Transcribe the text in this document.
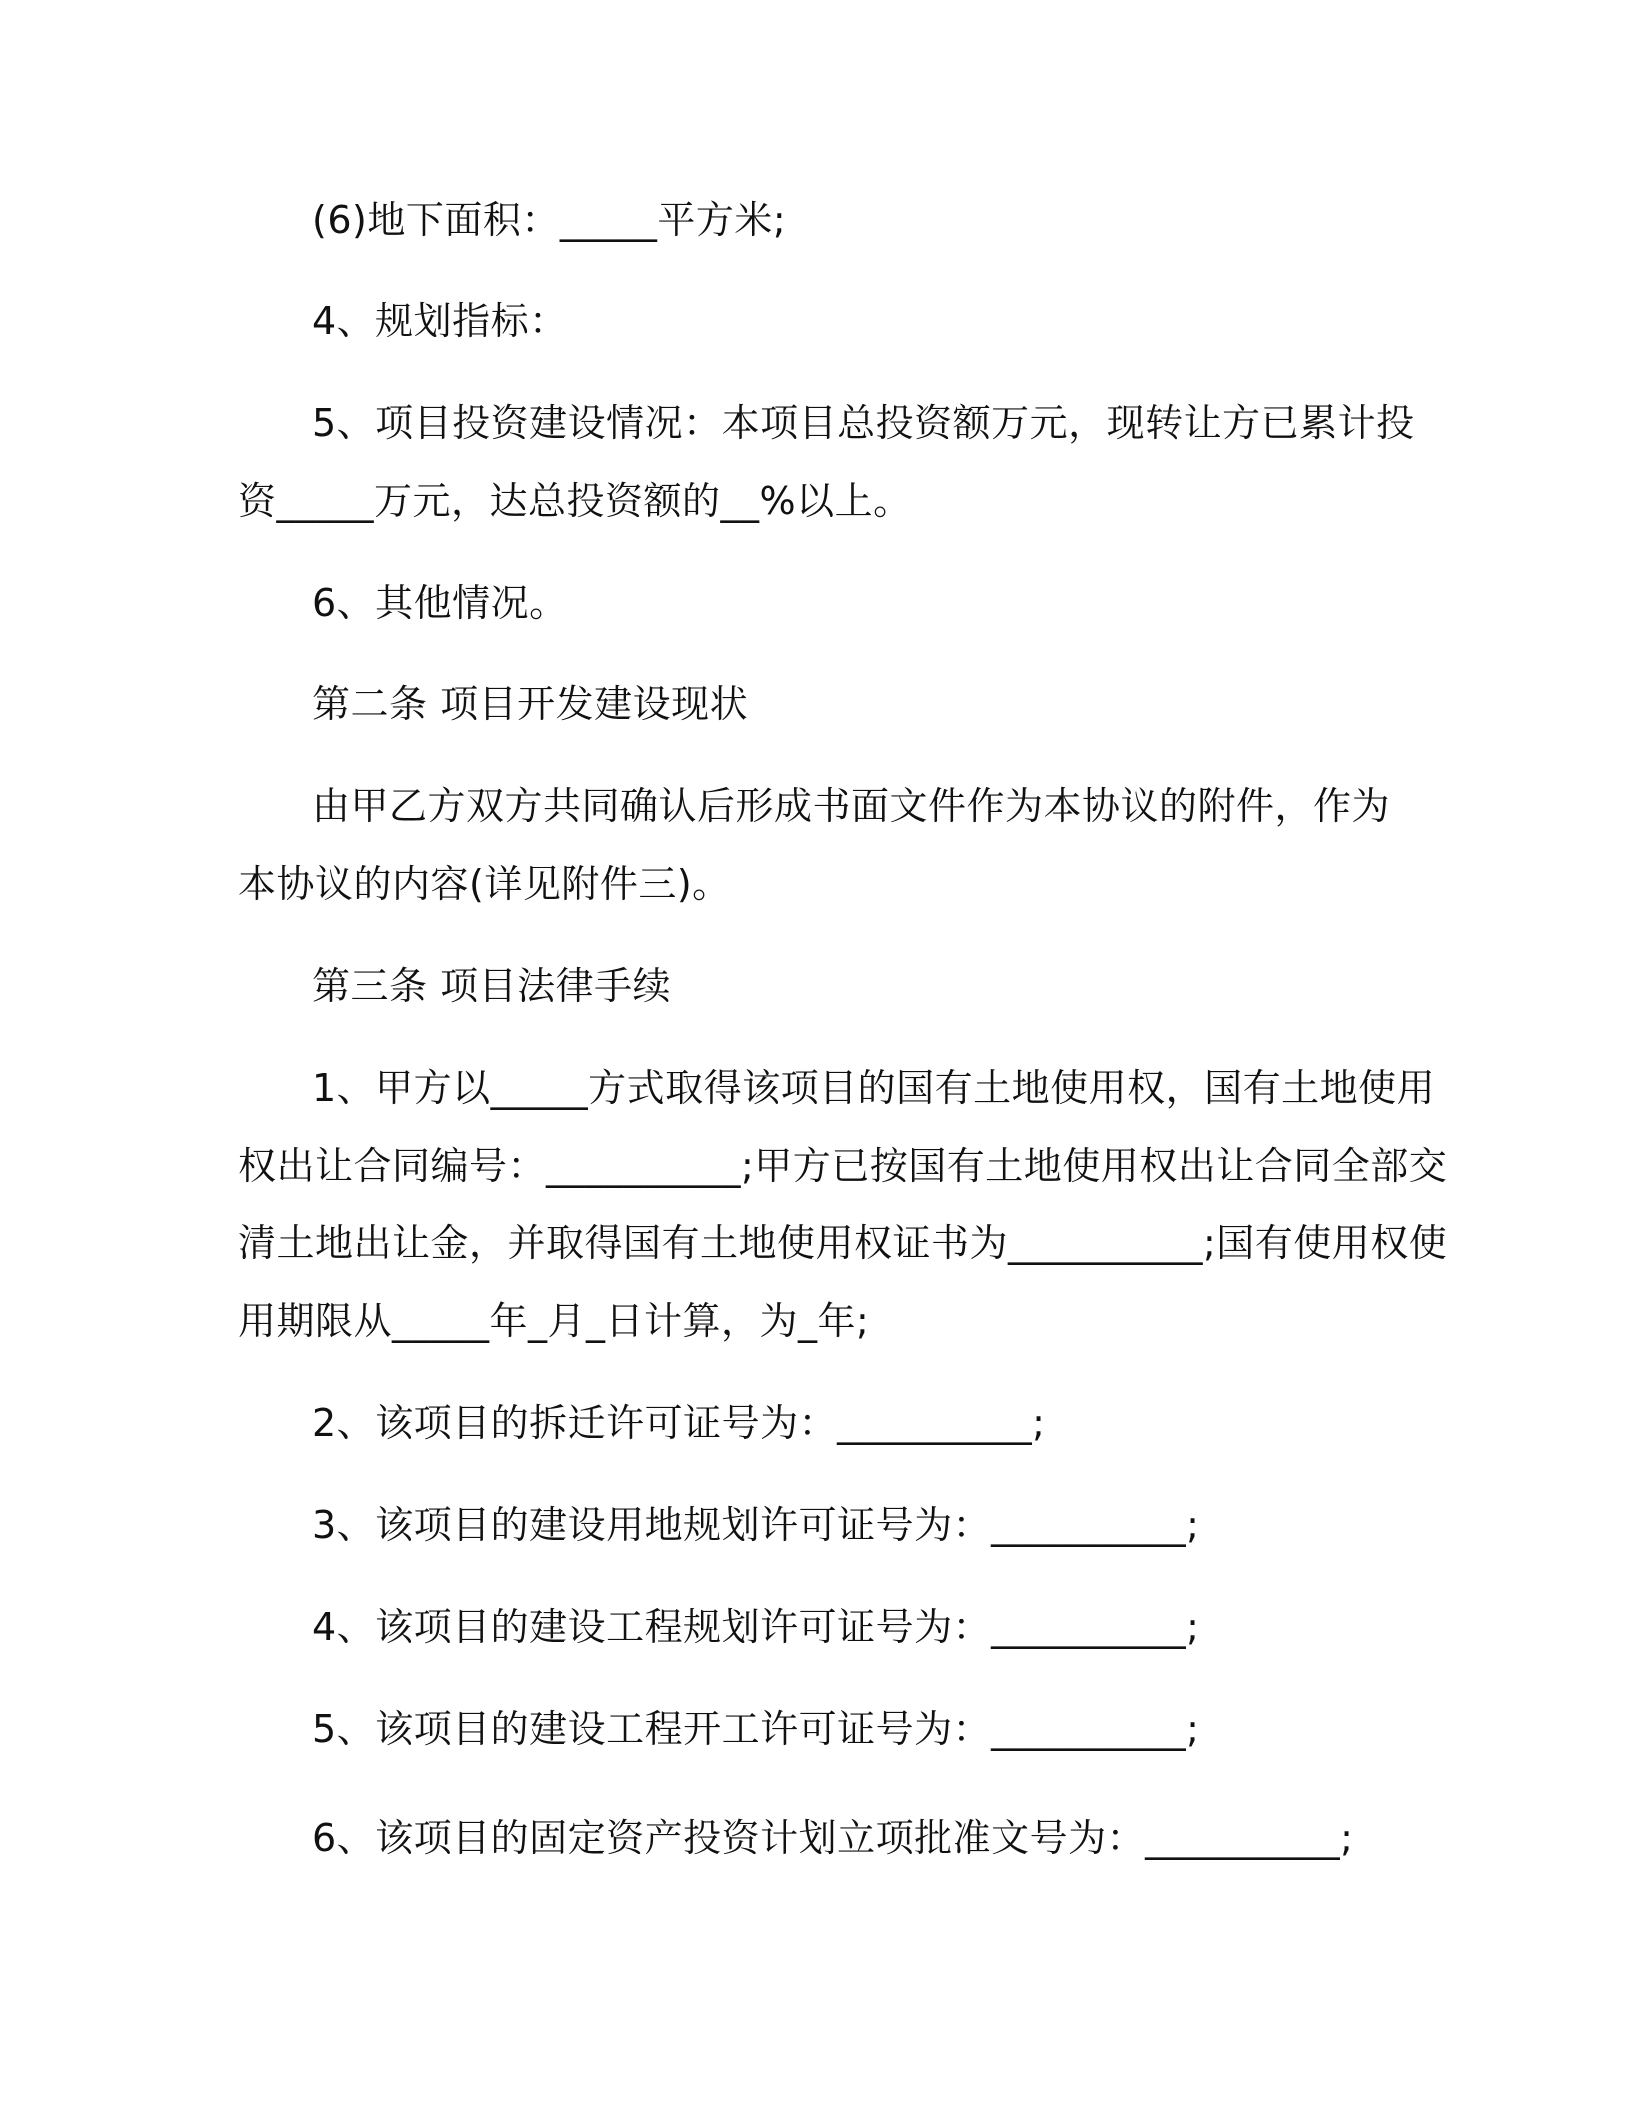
(6)地下面积：_____平方米;
4、规划指标：
5、项目投资建设情况：本项目总投资额万元，现转让方已累计投
资_____万元，达总投资额的__%以上。
6、其他情况。
第二条 项目开发建设现状
由甲乙方双方共同确认后形成书面文件作为本协议的附件，作为
本协议的内容(详见附件三)。
第三条 项目法律手续
1、甲方以_____方式取得该项目的国有土地使用权，国有土地使用
权出让合同编号：__________;甲方已按国有土地使用权出让合同全部交
清土地出让金，并取得国有土地使用权证书为__________;国有使用权使
用期限从_____年_月_日计算，为_年;
2、该项目的拆迁许可证号为：__________;
3、该项目的建设用地规划许可证号为：__________;
4、该项目的建设工程规划许可证号为：__________;
5、该项目的建设工程开工许可证号为：__________;
6、该项目的固定资产投资计划立项批准文号为：__________;
